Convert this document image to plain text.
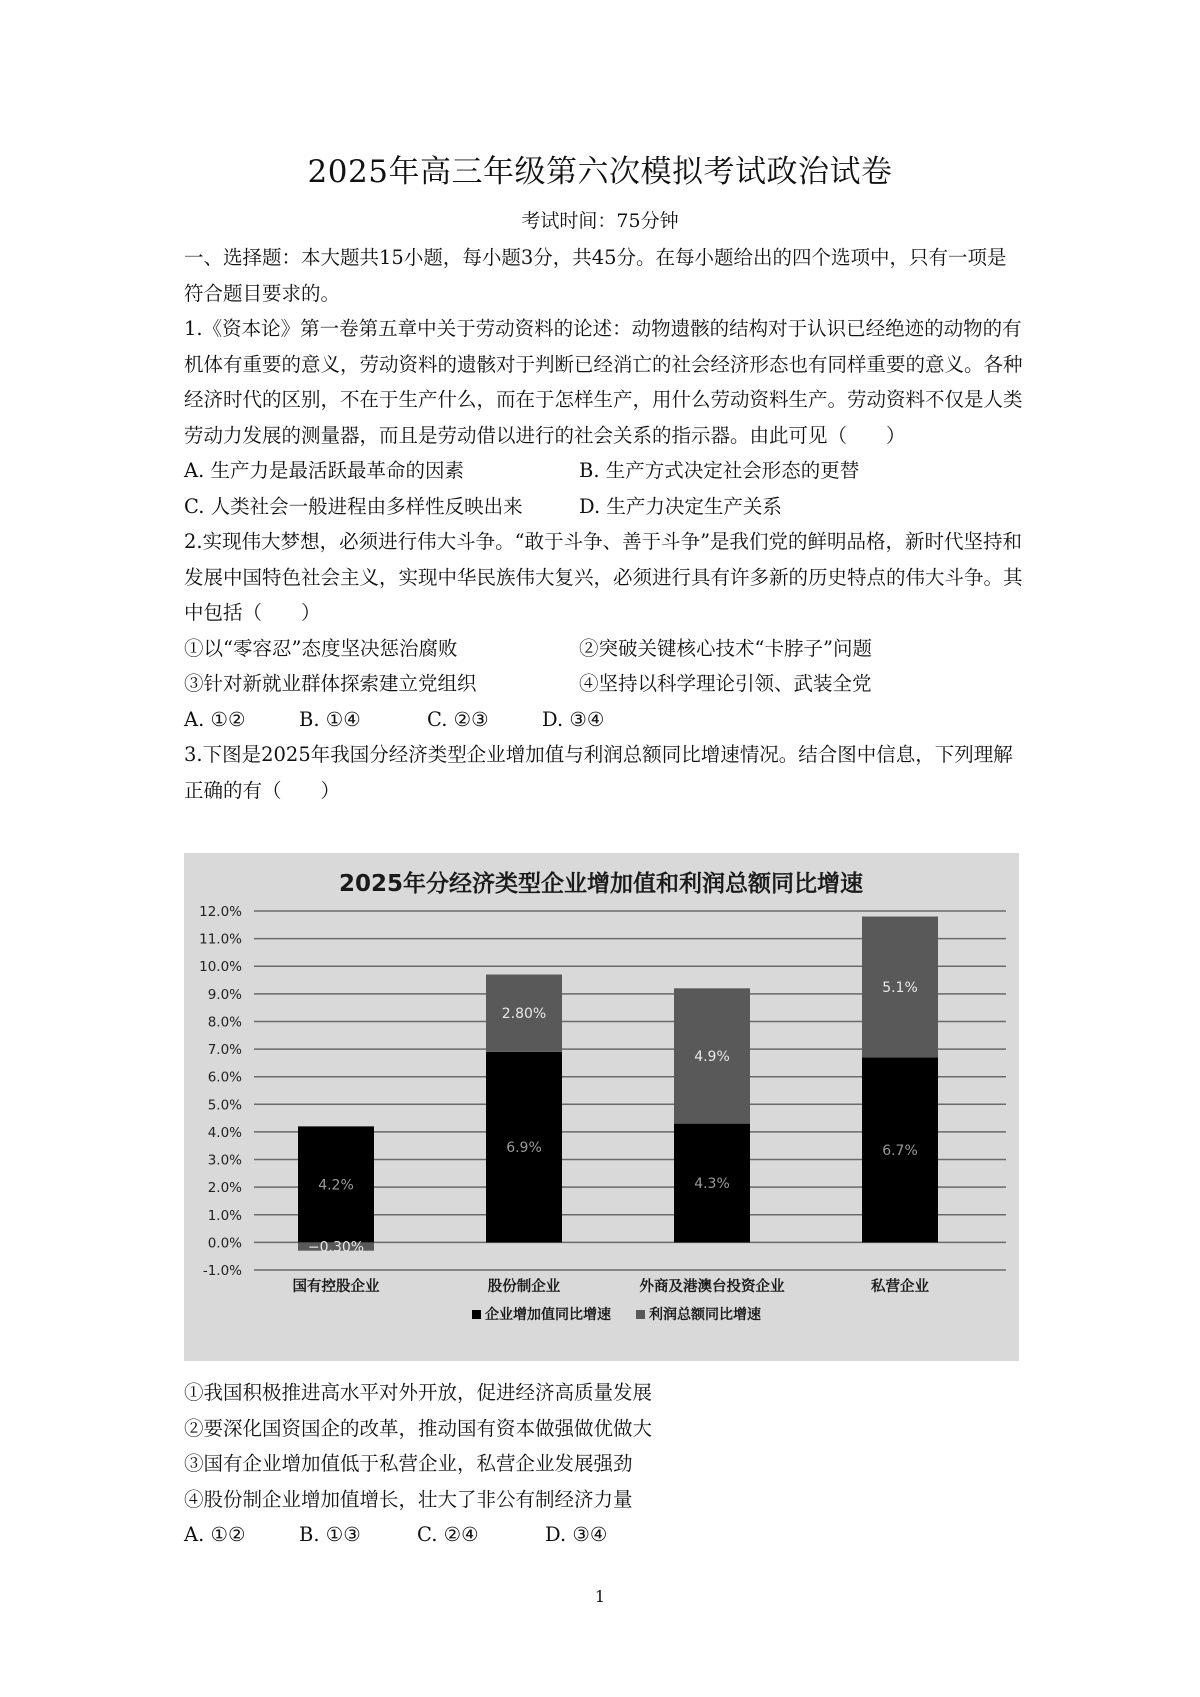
2025年高三年级第六次模拟考试政治试卷
考试时间：75分钟

一、选择题：本大题共15小题，每小题3分，共45分。在每小题给出的四个选项中，只有一项是符合题目要求的。

1.《资本论》第一卷第五章中关于劳动资料的论述：动物遗骸的结构对于认识已经绝迹的动物的有机体有重要的意义，劳动资料的遗骸对于判断已经消亡的社会经济形态也有同样重要的意义。各种经济时代的区别，不在于生产什么，而在于怎样生产，用什么劳动资料生产。劳动资料不仅是人类劳动力发展的测量器，而且是劳动借以进行的社会关系的指示器。由此可见（　　）

A. 生产力是最活跃最革命的因素	B. 生产方式决定社会形态的更替
C. 人类社会一般进程由多样性反映出来	D. 生产力决定生产关系

2.实现伟大梦想，必须进行伟大斗争。“敢于斗争、善于斗争”是我们党的鲜明品格，新时代坚持和发展中国特色社会主义，实现中华民族伟大复兴，必须进行具有许多新的历史特点的伟大斗争。其中包括（　　）

①以“零容忍”态度坚决惩治腐败	②突破关键核心技术“卡脖子”问题
③针对新就业群体探索建立党组织	④坚持以科学理论引领、武装全党
A. ①②	B. ①④	C. ②③	D. ③④

3.下图是2025年我国分经济类型企业增加值与利润总额同比增速情况。结合图中信息，下列理解正确的有（　　）

2025年分经济类型企业增加值和利润总额同比增速
12.0%
11.0%
10.0%
9.0%
8.0%
7.0%
6.0%
5.0%
4.0%
3.0%
2.0%
1.0%
0.0%
-1.0%
4.2%
−0.30%
6.9%
2.80%
4.3%
4.9%
6.7%
5.1%
国有控股企业	股份制企业	外商及港澳台投资企业	私营企业
企业增加值同比增速	利润总额同比增速

①我国积极推进高水平对外开放，促进经济高质量发展

②要深化国资国企的改革，推动国有资本做强做优做大

③国有企业增加值低于私营企业，私营企业发展强劲

④股份制企业增加值增长，壮大了非公有制经济力量

A. ①②	B. ①③	C. ②④	D. ③④
1
